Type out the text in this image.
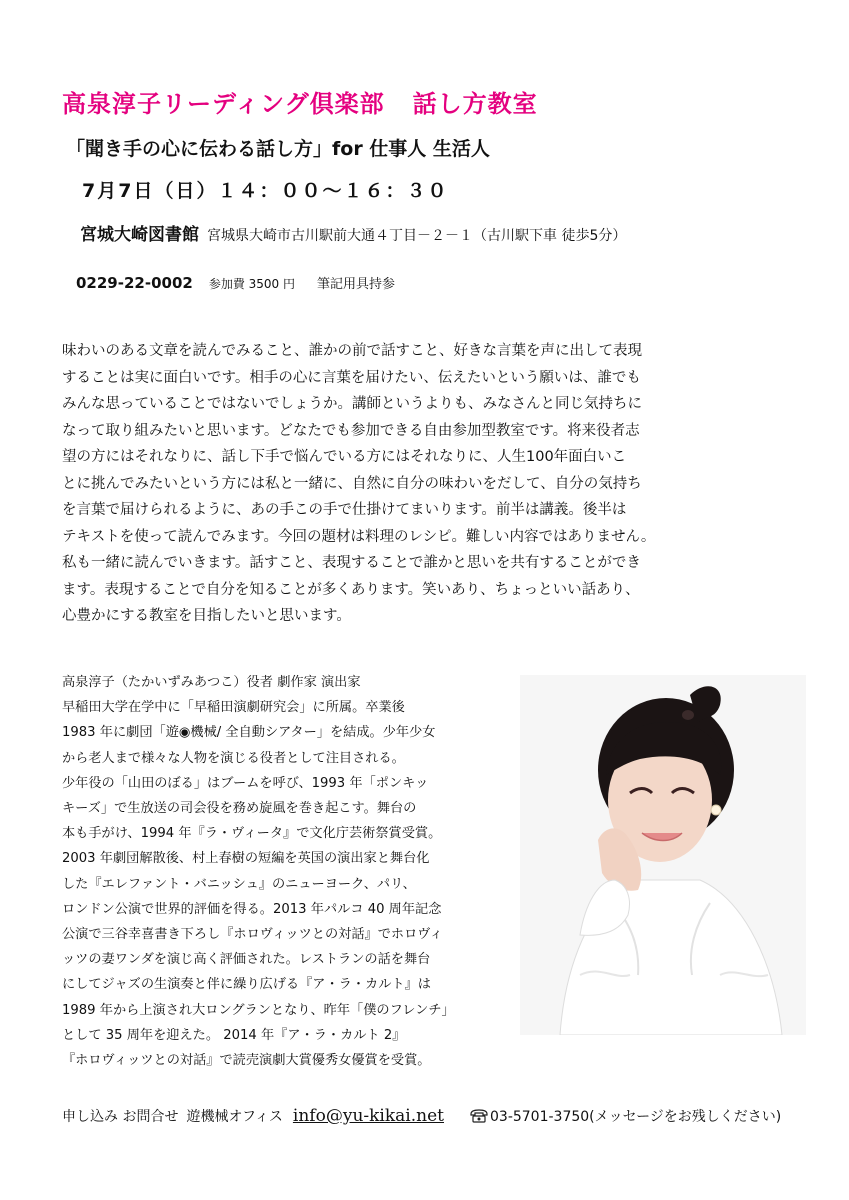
高泉淳子リーディング倶楽部 話し方教室
「聞き手の心に伝わる話し方」for 仕事人 生活人
7月7日（日）１４：００～１６：３０
宮城大崎図書館 宮城県大崎市古川駅前大通４丁目－２－１（古川駅下車 徒歩5分）
0229-22-0002 参加費 3500 円 筆記用具持参
味わいのある文章を読んでみること、誰かの前で話すこと、好きな言葉を声に出して表現
することは実に面白いです。相手の心に言葉を届けたい、伝えたいという願いは、誰でも
みんな思っていることではないでしょうか。講師というよりも、みなさんと同じ気持ちに
なって取り組みたいと思います。どなたでも参加できる自由参加型教室です。将来役者志
望の方にはそれなりに、話し下手で悩んでいる方にはそれなりに、人生100年面白いこ
とに挑んでみたいという方には私と一緒に、自然に自分の味わいをだして、自分の気持ち
を言葉で届けられるように、あの手この手で仕掛けてまいります。前半は講義。後半は
テキストを使って読んでみます。今回の題材は料理のレシピ。難しい内容ではありません。
私も一緒に読んでいきます。話すこと、表現することで誰かと思いを共有することができ
ます。表現することで自分を知ることが多くあります。笑いあり、ちょっといい話あり、
心豊かにする教室を目指したいと思います。
高泉淳子（たかいずみあつこ）役者 劇作家 演出家
早稲田大学在学中に「早稲田演劇研究会」に所属。卒業後
1983 年に劇団「遊◉機械/ 全自動シアター」を結成。少年少女
から老人まで様々な人物を演じる役者として注目される。
少年役の「山田のぼる」はブームを呼び、1993 年「ポンキッ
キーズ」で生放送の司会役を務め旋風を巻き起こす。舞台の
本も手がけ、1994 年『ラ・ヴィータ』で文化庁芸術祭賞受賞。
2003 年劇団解散後、村上春樹の短編を英国の演出家と舞台化
した『エレファント・バニッシュ』のニューヨーク、パリ、
ロンドン公演で世界的評価を得る。2013 年パルコ 40 周年記念
公演で三谷幸喜書き下ろし『ホロヴィッツとの対話』でホロヴィ
ッツの妻ワンダを演じ高く評価された。レストランの話を舞台
にしてジャズの生演奏と伴に繰り広げる『ア・ラ・カルト』は
1989 年から上演され大ロングランとなり、昨年「僕のフレンチ」
として 35 周年を迎えた。 2014 年『ア・ラ・カルト 2』
『ホロヴィッツとの対話』で読売演劇大賞優秀女優賞を受賞。
申し込み お問合せ 遊機械オフィス info@yu-kikai.net	03-5701-3750(メッセージをお残しください)
